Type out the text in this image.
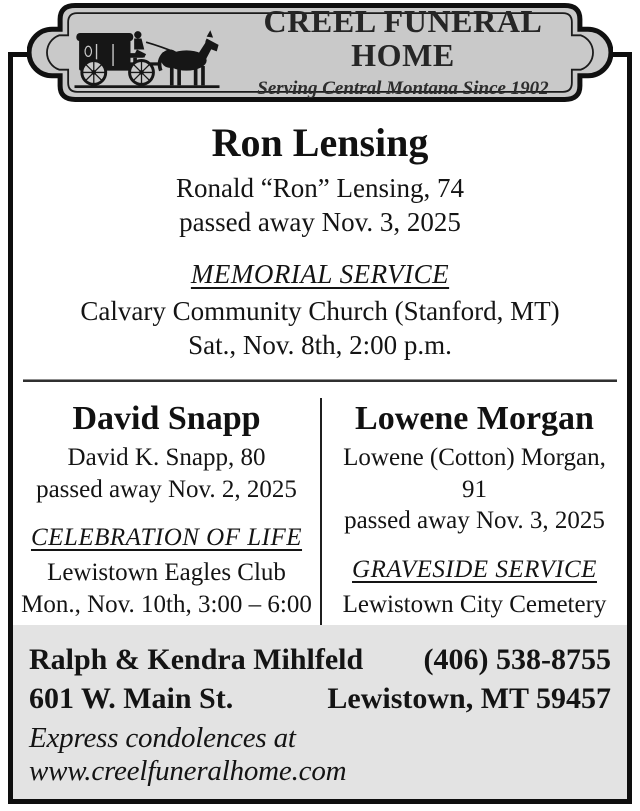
Ron Lensing
Ronald “Ron” Lensing, 74
passed away Nov. 3, 2025
MEMORIAL SERVICE
Calvary Community Church (Stanford, MT)
Sat., Nov. 8th, 2:00 p.m.
David Snapp
David K. Snapp, 80
passed away Nov. 2, 2025
CELEBRATION OF LIFE
Lewistown Eagles Club
Mon., Nov. 10th, 3:00 – 6:00
Lowene Morgan
Lowene (Cotton) Morgan, 91
passed away Nov. 3, 2025
GRAVESIDE SERVICE
Lewistown City Cemetery
Ralph & Kendra Mihlfeld (406) 538-8755
601 W. Main St.	Lewistown, MT 59457
Express condolences at www.creelfuneralhome.com
CREEL FUNERAL HOME
Serving Central Montana Since 1902
